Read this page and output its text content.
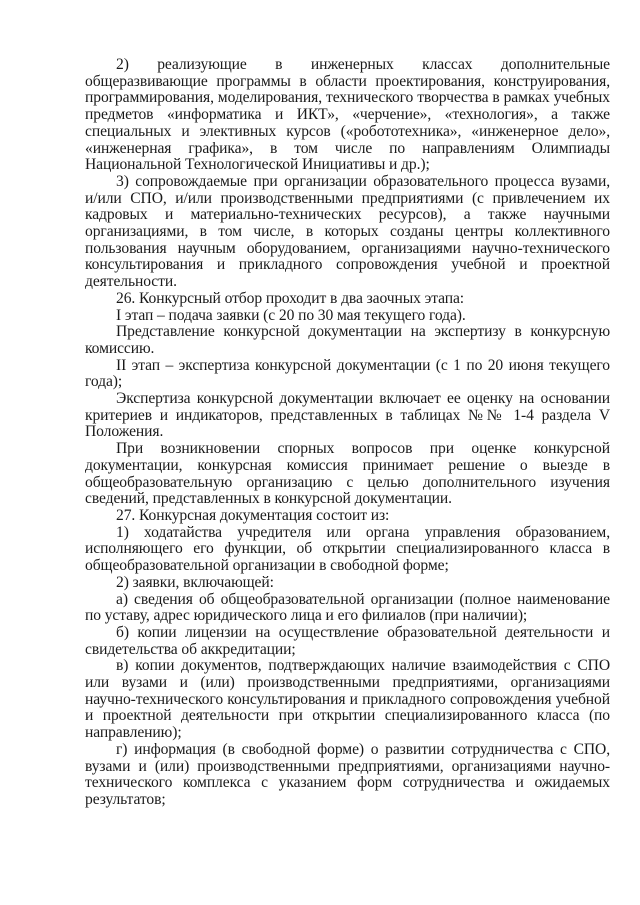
2) реализующие в инженерных классах дополнительные общеразвивающие программы в области проектирования, конструирования, программирования, моделирования, технического творчества в рамках учебных предметов «информатика и ИКТ», «черчение», «технология», а также специальных и элективных курсов («робототехника», «инженерное дело», «инженерная графика», в том числе по направлениям Олимпиады Национальной Технологической Инициативы и др.);

3) сопровождаемые при организации образовательного процесса вузами, и/или СПО, и/или производственными предприятиями (с привлечением их кадровых и материально-технических ресурсов), а также научными организациями, в том числе, в которых созданы центры коллективного пользования научным оборудованием, организациями научно-технического консультирования и прикладного сопровождения учебной и проектной деятельности.

26. Конкурсный отбор проходит в два заочных этапа:

I этап – подача заявки (с 20 по 30 мая текущего года).

Представление конкурсной документации на экспертизу в конкурсную комиссию.

II этап – экспертиза конкурсной документации (с 1 по 20 июня текущего года);

Экспертиза конкурсной документации включает ее оценку на основании критериев и индикаторов, представленных в таблицах №№ 1-4 раздела V Положения.

При возникновении спорных вопросов при оценке конкурсной документации, конкурсная комиссия принимает решение о выезде в общеобразовательную организацию с целью дополнительного изучения сведений, представленных в конкурсной документации.

27. Конкурсная документация состоит из:

1) ходатайства учредителя или органа управления образованием, исполняющего его функции, об открытии специализированного класса в общеобразовательной организации в свободной форме;

2) заявки, включающей:

а) сведения об общеобразовательной организации (полное наименование по уставу, адрес юридического лица и его филиалов (при наличии);

б) копии лицензии на осуществление образовательной деятельности и свидетельства об аккредитации;

в) копии документов, подтверждающих наличие взаимодействия с СПО или вузами и (или) производственными предприятиями, организациями научно-технического консультирования и прикладного сопровождения учебной и проектной деятельности при открытии специализированного класса (по направлению);

г) информация (в свободной форме) о развитии сотрудничества с СПО, вузами и (или) производственными предприятиями, организациями научно-технического комплекса с указанием форм сотрудничества и ожидаемых результатов;
